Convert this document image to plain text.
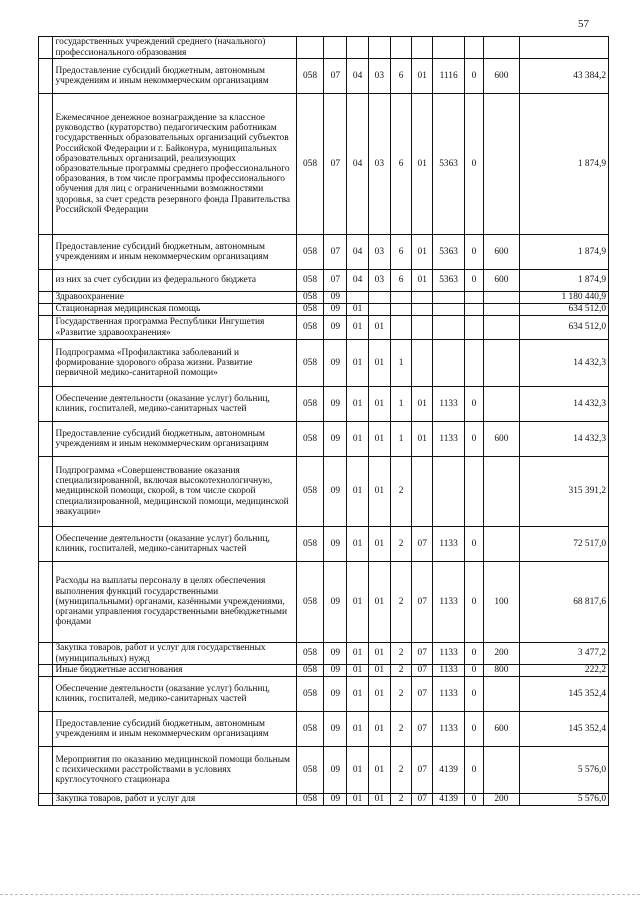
57
	государственных учреждений среднего (начального) профессионального образования										
	Предоставление субсидий бюджетным, автономным учреждениям и иным некоммерческим организациям	058	07	04	03	6	01	1116	0	600	43 384,2
	Ежемесячное денежное вознаграждение за классное руководство (кураторство) педагогическим работникам государственных образовательных организаций субъектов Российской Федерации и г. Байконура, муниципальных образовательных организаций, реализующих образовательные программы среднего профессионального образования, в том числе программы профессионального обучения для лиц с ограниченными возможностями здоровья, за счет средств резервного фонда Правительства Российской Федерации	058	07	04	03	6	01	5363	0		1 874,9
	Предоставление субсидий бюджетным, автономным учреждениям и иным некоммерческим организациям	058	07	04	03	6	01	5363	0	600	1 874,9
	из них за счет субсидии из федерального бюджета	058	07	04	03	6	01	5363	0	600	1 874,9
	Здравоохранение	058	09								1 180 440,9
	Стационарная медицинская помощь	058	09	01							634 512,0
	Государственная программа Республики Ингушетия «Развитие здравоохранения»	058	09	01	01						634 512,0
	Подпрограмма «Профилактика заболеваний и формирование здорового образа жизни. Развитие первичной медико-санитарной помощи»	058	09	01	01	1					14 432,3
	Обеспечение деятельности (оказание услуг) больниц, клиник, госпиталей, медико-санитарных частей	058	09	01	01	1	01	1133	0		14 432,3
	Предоставление субсидий бюджетным, автономным учреждениям и иным некоммерческим организациям	058	09	01	01	1	01	1133	0	600	14 432,3
	Подпрограмма «Совершенствование оказания специализированной, включая высокотехнологичную, медицинской помощи, скорой, в том числе скорой специализированной, медицинской помощи, медицинской эвакуации»	058	09	01	01	2					315 391,2
	Обеспечение деятельности (оказание услуг) больниц, клиник, госпиталей, медико-санитарных частей	058	09	01	01	2	07	1133	0		72 517,0
	Расходы на выплаты персоналу в целях обеспечения выполнения функций государственными (муниципальными) органами, казёнными учреждениями, органами управления государственными внебюджетными фондами	058	09	01	01	2	07	1133	0	100	68 817,6
	Закупка товаров, работ и услуг для государственных (муниципальных) нужд	058	09	01	01	2	07	1133	0	200	3 477,2
	Иные бюджетные ассигнования	058	09	01	01	2	07	1133	0	800	222,2
	Обеспечение деятельности (оказание услуг) больниц, клиник, госпиталей, медико-санитарных частей	058	09	01	01	2	07	1133	0		145 352,4
	Предоставление субсидий бюджетным, автономным учреждениям и иным некоммерческим организациям	058	09	01	01	2	07	1133	0	600	145 352,4
	Мероприятия по оказанию медицинской помощи больным с психическими расстройствами в условиях круглосуточного стационара	058	09	01	01	2	07	4139	0		5 576,0
	Закупка товаров, работ и услуг для	058	09	01	01	2	07	4139	0	200	5 576,0
